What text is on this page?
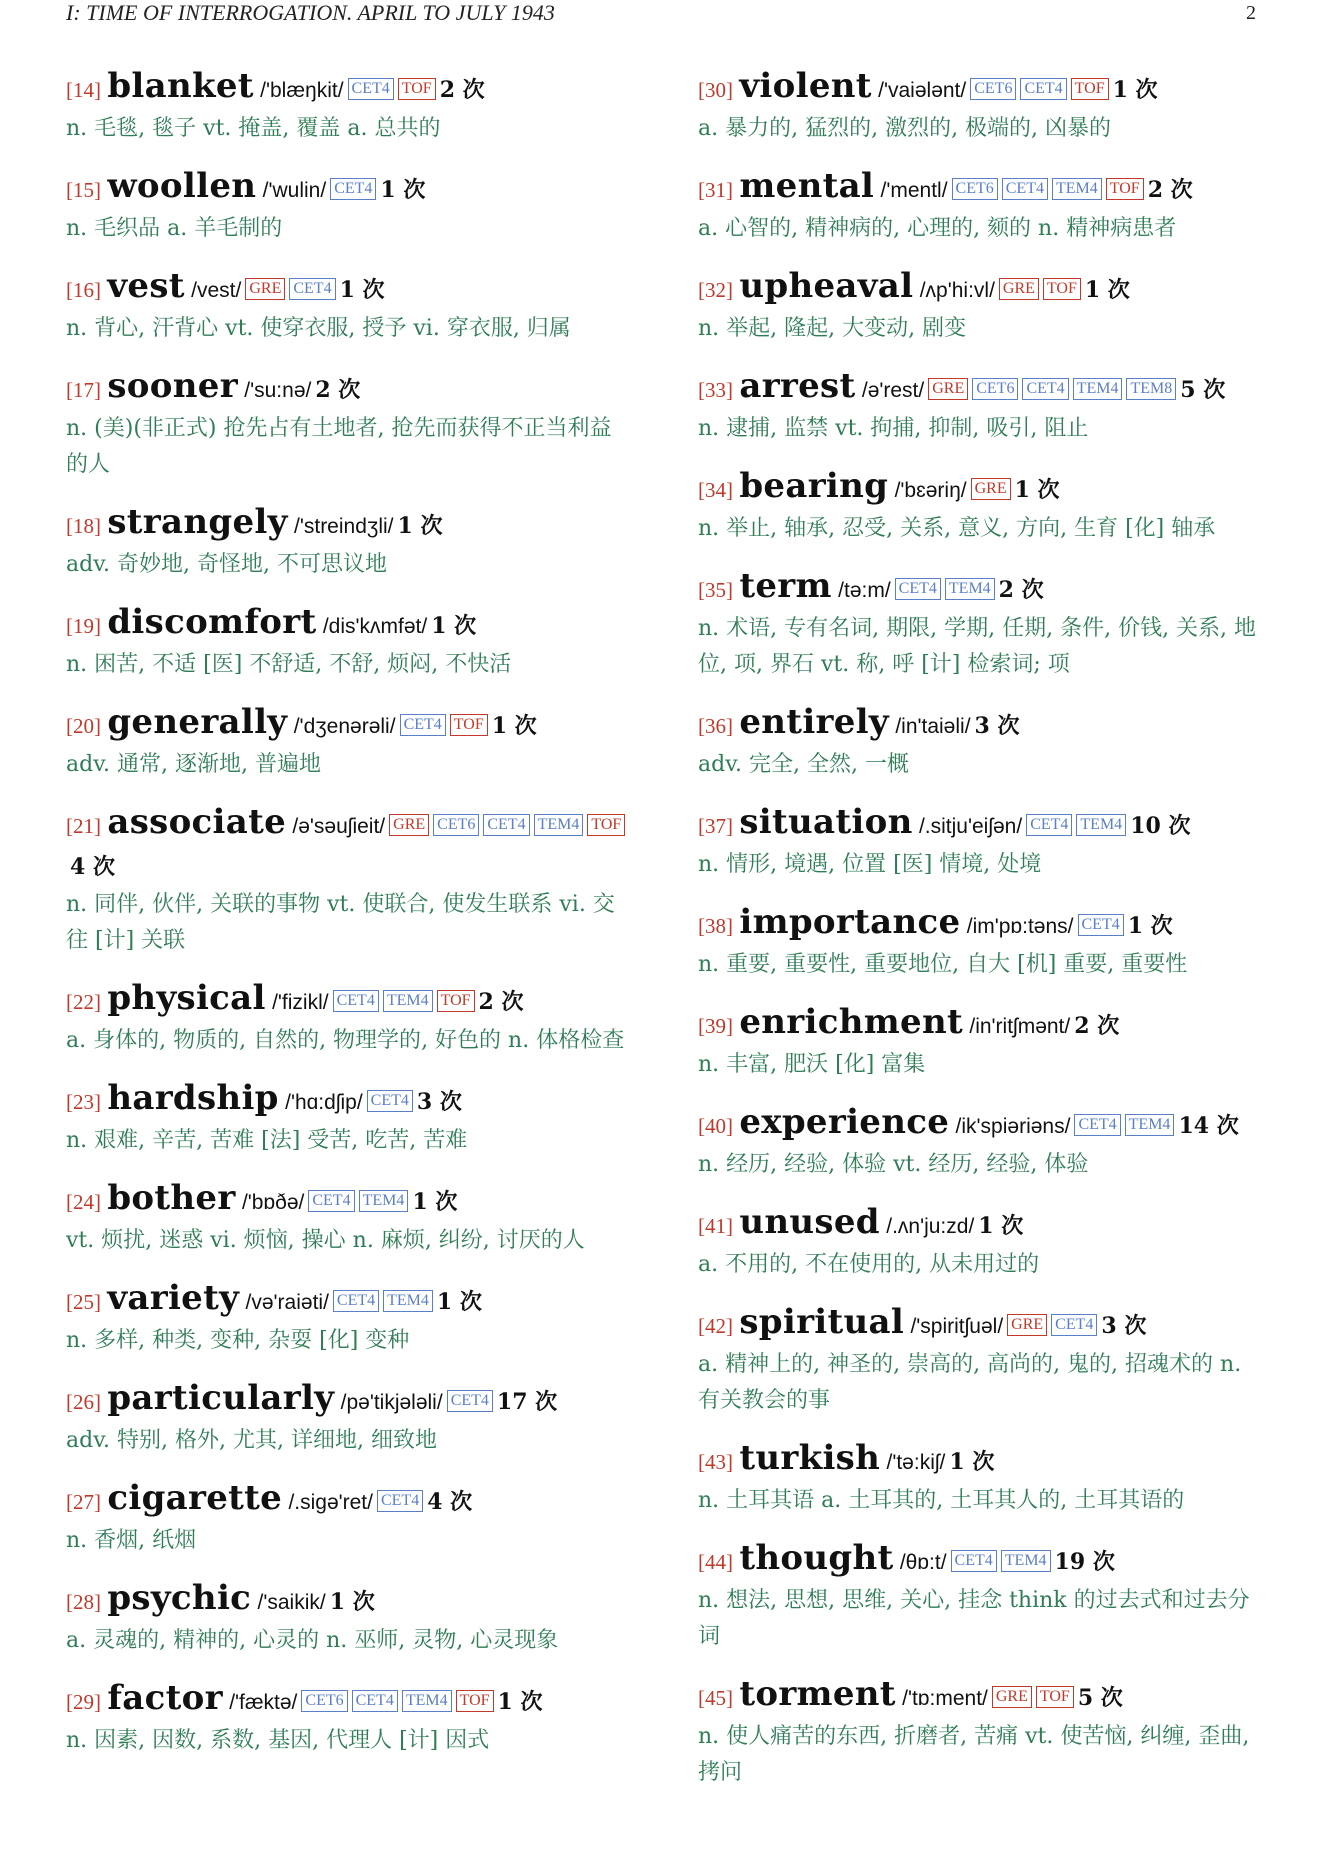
I: TIME OF INTERROGATION. APRIL TO JULY 1943	2
[14] blanket /'blæŋkit/ CET4 TOF 2 次
n. 毛毯, 毯子 vt. 掩盖, 覆盖 a. 总共的
[15] woollen /'wulin/ CET4 1 次
n. 毛织品 a. 羊毛制的
[16] vest /vest/ GRE CET4 1 次
n. 背心, 汗背心 vt. 使穿衣服, 授予 vi. 穿衣服, 归属
[17] sooner /'su:nə/ 2 次
n. (美)(非正式) 抢先占有土地者, 抢先而获得不正当利益的人
[18] strangely /'streindʒli/ 1 次
adv. 奇妙地, 奇怪地, 不可思议地
[19] discomfort /dis'kʌmfət/ 1 次
n. 困苦, 不适 [医] 不舒适, 不舒, 烦闷, 不快活
[20] generally /'dʒenərəli/ CET4 TOF 1 次
adv. 通常, 逐渐地, 普遍地
[21] associate /ə'səuʃieit/ GRE CET6 CET4 TEM4 TOF4 次
n. 同伴, 伙伴, 关联的事物 vt. 使联合, 使发生联系 vi. 交往 [计] 关联
[22] physical /'fizikl/ CET4 TEM4 TOF 2 次
a. 身体的, 物质的, 自然的, 物理学的, 好色的 n. 体格检查
[23] hardship /'hɑ:dʃip/ CET4 3 次
n. 艰难, 辛苦, 苦难 [法] 受苦, 吃苦, 苦难
[24] bother /'bɒðə/ CET4 TEM4 1 次
vt. 烦扰, 迷惑 vi. 烦恼, 操心 n. 麻烦, 纠纷, 讨厌的人
[25] variety /və'raiəti/ CET4 TEM4 1 次
n. 多样, 种类, 变种, 杂耍 [化] 变种
[26] particularly /pə'tikjələli/ CET4 17 次
adv. 特别, 格外, 尤其, 详细地, 细致地
[27] cigarette /.sigə'ret/ CET4 4 次
n. 香烟, 纸烟
[28] psychic /'saikik/ 1 次
a. 灵魂的, 精神的, 心灵的 n. 巫师, 灵物, 心灵现象
[29] factor /'fæktə/ CET6 CET4 TEM4 TOF 1 次
n. 因素, 因数, 系数, 基因, 代理人 [计] 因式
[30] violent /'vaiələnt/ CET6 CET4 TOF 1 次
a. 暴力的, 猛烈的, 激烈的, 极端的, 凶暴的
[31] mental /'mentl/ CET6 CET4 TEM4 TOF 2 次
a. 心智的, 精神病的, 心理的, 颏的 n. 精神病患者
[32] upheaval /ʌp'hi:vl/ GRE TOF 1 次
n. 举起, 隆起, 大变动, 剧变
[33] arrest /ə'rest/ GRE CET6 CET4 TEM4 TEM8 5 次
n. 逮捕, 监禁 vt. 拘捕, 抑制, 吸引, 阻止
[34] bearing /'bɛəriŋ/ GRE 1 次
n. 举止, 轴承, 忍受, 关系, 意义, 方向, 生育 [化] 轴承
[35] term /tə:m/ CET4 TEM4 2 次
n. 术语, 专有名词, 期限, 学期, 任期, 条件, 价钱, 关系, 地位, 项, 界石 vt. 称, 呼 [计] 检索词; 项
[36] entirely /in'taiəli/ 3 次
adv. 完全, 全然, 一概
[37] situation /.sitju'eiʃən/ CET4 TEM4 10 次
n. 情形, 境遇, 位置 [医] 情境, 处境
[38] importance /im'pɒ:təns/ CET4 1 次
n. 重要, 重要性, 重要地位, 自大 [机] 重要, 重要性
[39] enrichment /in'ritʃmənt/ 2 次
n. 丰富, 肥沃 [化] 富集
[40] experience /ik'spiəriəns/ CET4 TEM4 14 次
n. 经历, 经验, 体验 vt. 经历, 经验, 体验
[41] unused /.ʌn'ju:zd/ 1 次
a. 不用的, 不在使用的, 从未用过的
[42] spiritual /'spiritʃuəl/ GRE CET4 3 次
a. 精神上的, 神圣的, 崇高的, 高尚的, 鬼的, 招魂术的 n. 有关教会的事
[43] turkish /'tə:kiʃ/ 1 次
n. 土耳其语 a. 土耳其的, 土耳其人的, 土耳其语的
[44] thought /θɒ:t/ CET4 TEM4 19 次
n. 想法, 思想, 思维, 关心, 挂念 think 的过去式和过去分词
[45] torment /'tɒ:ment/ GRE TOF 5 次
n. 使人痛苦的东西, 折磨者, 苦痛 vt. 使苦恼, 纠缠, 歪曲, 拷问
